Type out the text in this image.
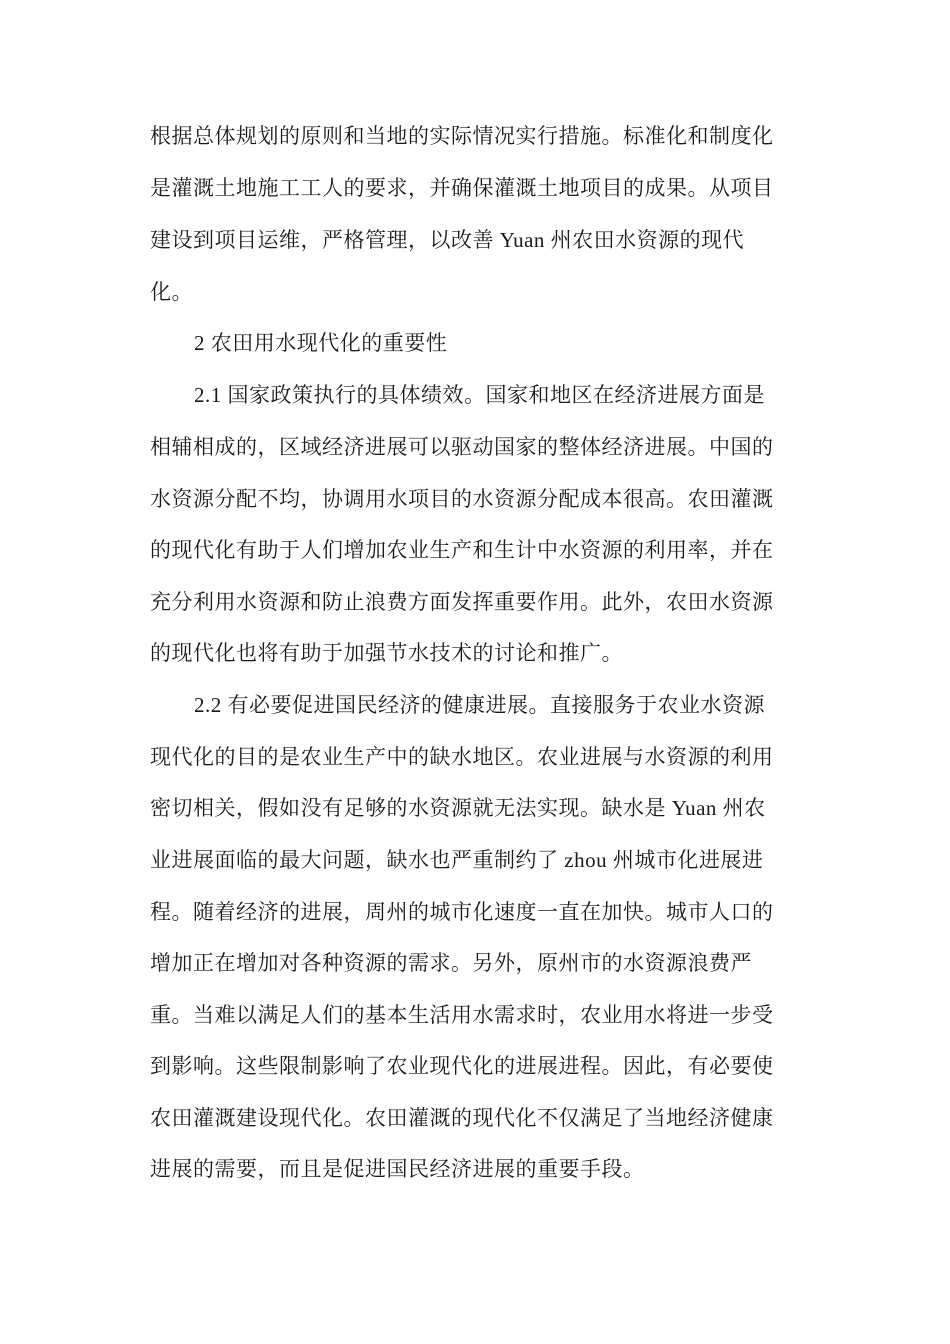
根据总体规划的原则和当地的实际情况实行措施。标准化和制度化
是灌溉土地施工工人的要求，并确保灌溉土地项目的成果。从项目
建设到项目运维，严格管理，以改善 Yuan 州农田水资源的现代
化。
2 农田用水现代化的重要性
2.1 国家政策执行的具体绩效。国家和地区在经济进展方面是
相辅相成的，区域经济进展可以驱动国家的整体经济进展。中国的
水资源分配不均，协调用水项目的水资源分配成本很高。农田灌溉
的现代化有助于人们增加农业生产和生计中水资源的利用率，并在
充分利用水资源和防止浪费方面发挥重要作用。此外，农田水资源
的现代化也将有助于加强节水技术的讨论和推广。
2.2 有必要促进国民经济的健康进展。直接服务于农业水资源
现代化的目的是农业生产中的缺水地区。农业进展与水资源的利用
密切相关，假如没有足够的水资源就无法实现。缺水是 Yuan 州农
业进展面临的最大问题，缺水也严重制约了 zhou 州城市化进展进
程。随着经济的进展，周州的城市化速度一直在加快。城市人口的
增加正在增加对各种资源的需求。另外，原州市的水资源浪费严
重。当难以满足人们的基本生活用水需求时，农业用水将进一步受
到影响。这些限制影响了农业现代化的进展进程。因此，有必要使
农田灌溉建设现代化。农田灌溉的现代化不仅满足了当地经济健康
进展的需要，而且是促进国民经济进展的重要手段。
